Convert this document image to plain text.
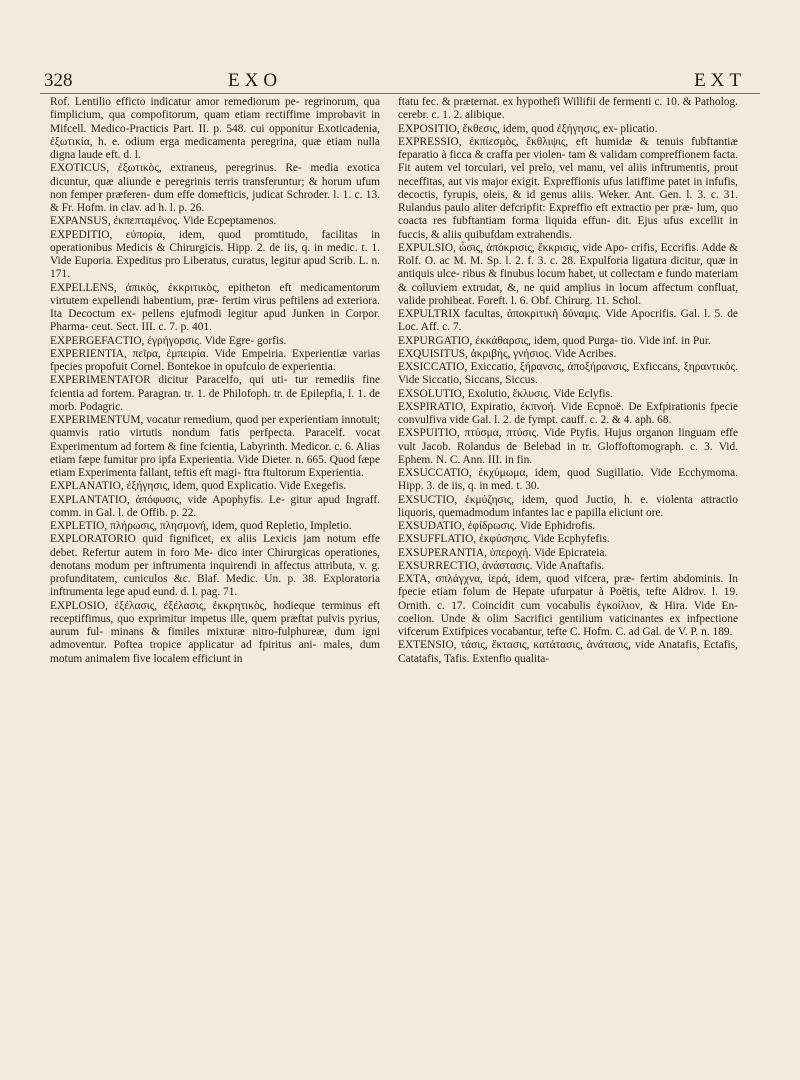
328	EXO	EXT

Rof. Lentilio efficto indicatur amor remediorum pe- regrinorum, qua fimplicium, qua compofitorum, quam etiam rectiffime improbavit in Mifcell. Medico-Practicis Part. II. p. 548. cui opponitur Exoticadenia, ἐξωτικία, h. e. odium erga medicamenta peregrina, quæ etiam nulla digna laude eft. d. l.

EXOTICUS, ἐξωτικὸς, extraneus, peregrinus. Re- media exotica dicuntur, quæ aliunde e peregrinis terris transferuntur; & horum ufum non femper præferen- dum effe domefticis, judicat Schroder. l. 1. c. 13. & Fr. Hofm. in clav. ad h. l. p. 26.

EXPANSUS, ἐκπεπταμένος. Vide Ecpeptamenos.

EXPEDITIO, εὐπορία, idem, quod promtitudo, facilitas in operationibus Medicis & Chirurgicis. Hipp. 2. de iis, q. in medic. t. 1. Vide Euporia. Expeditus pro Liberatus, curatus, legitur apud Scrib. L. n. 171.

EXPELLENS, ἀπικὸς, ἐκκριτικὸς, epitheton eft medicamentorum virtutem expellendi habentium, præ- fertim virus peftilens ad exteriora. Ita Decoctum ex- pellens ejufmodi legitur apud Junken in Corpor. Pharma- ceut. Sect. III. c. 7. p. 401.

EXPERGEFACTIO, ἐγρήγορσις. Vide Egre- gorfis.

EXPERIENTIA, πεῖρα, ἐμπειρία. Vide Empeiria. Experientiæ varias fpecies propofuit Cornel. Bontekoe in opufculo de experientia.

EXPERIMENTATOR dicitur Paracelfo, qui uti- tur remediis fine fcientia ad fortem. Paragran. tr. 1. de Philofoph. tr. de Epilepfia, l. 1. de morb. Podagric.

EXPERIMENTUM, vocatur remedium, quod per experientiam innotuit; quamvis ratio virtutis nondum fatis perfpecta. Paracelf. vocat Experimentum ad fortem & fine fcientia, Labyrinth. Medicor. c. 6. Alias etiam fæpe fumitur pro ipfa Experientia. Vide Dieter. n. 665. Quod fæpe etiam Experimenta fallant, teftis eft magi- ftra ftultorum Experientia.

EXPLANATIO, ἐξήγησις, idem, quod Explicatio. Vide Exegefis.

EXPLANTATIO, ἀπόφυσις, vide Apophyfis. Le- gitur apud Ingraff. comm. in Gal. l. de Offib. p. 22.

EXPLETIO, πλήρωσις, πλησμονή, idem, quod Repletio, Impletio.

EXPLORATORIO quid fignificet, ex aliis Lexicis jam notum effe debet. Refertur autem in foro Me- dico inter Chirurgicas operationes, denotans modum per inftrumenta inquirendi in affectus attributa, v. g. profunditatem, cuniculos &c. Blaf. Medic. Un. p. 38. Exploratoria inftrumenta lege apud eund. d. l. pag. 71.

EXPLOSIO, ἐξέλασις, ἐξέλασις, ἐκκρητικὸς, hodieque terminus eft receptiffimus, quo exprimitur impetus ille, quem præftat pulvis pyrius, aurum ful- minans & fimiles mixturæ nitro-fulphureæ, dum igni admoventur. Poftea tropice applicatur ad fpiritus ani- males, dum motum animalem five localem efficiunt in

ftatu fec. & præternat. ex hypothefi Willifii de fermenti c. 10. & Patholog. cerebr. c. 1. 2. alibique.

EXPOSITIO, ἔκθεσις, idem, quod ἐξήγησις, ex- plicatio.

EXPRESSIO, ἐκπίεσμὸς, ἔκθλιψις, eft humidæ & tenuis fubftantiæ feparatio à ficca & craffa per violen- tam & validam compreffionem facta. Fit autem vel torculari, vel prelo, vel manu, vel aliis inftrumentis, prout neceffitas, aut vis major exigit. Expreffionis ufus latiffime patet in infufis, decoctis, fyrupis, oleis, & id genus aliis. Weker. Ant. Gen. l. 3. c. 31. Rulandus paulo aliter defcripfit: Expreffio eft extractio per præ- lum, quo coacta res fubftantiam forma liquida effun- dit. Ejus ufus excellit in fuccis, & aliis quibufdam extrahendis.

EXPULSIO, ὦσις, ἀπόκρισις, ἔκκρισις, vide Apo- crifis, Eccrifis. Adde & Rolf. O. ac M. M. Sp. l. 2. f. 3. c. 28. Expulforia ligatura dicitur, quæ in antiquis ulce- ribus & finubus locum habet, ut collectam e fundo materiam & colluviem extrudat, &, ne quid amplius in locum affectum confluat, valide prohibeat. Foreft. l. 6. Obf. Chirurg. 11. Schol.

EXPULTRIX facultas, ἀποκριτικὴ δύναμις. Vide Apocrifis. Gal. l. 5. de Loc. Aff. c. 7.

EXPURGATIO, ἐκκάθαρσις, idem, quod Purga- tio. Vide inf. in Pur.

EXQUISITUS, ἀκριβὴς, γνήσιος. Vide Acribes.

EXSICCATIO, Exiccatio, ξήρανσις, ἀποξήρανσις, Exficcans, ξηραντικὸς. Vide Siccatio, Siccans, Siccus.

EXSOLUTIO, Exolutio, ἔκλυσις. Vide Eclyfis.

EXSPIRATIO, Expiratio, ἐκπνοή. Vide Ecpnoë. De Exfpirationis fpecie convulfiva vide Gal. l. 2. de fympt. cauff. c. 2. & 4. aph. 68.

EXSPUITIO, πτύσμα, πτύσις. Vide Ptyfis. Hujus organon linguam effe vult Jacob. Rolandus de Belebad in tr. Gloffoftomograph. c. 3. Vid. Ephem. N. C. Ann. III. in fin.

EXSUCCATIO, ἐκχύμωμα, idem, quod Sugillatio. Vide Ecchymoma. Hipp. 3. de iis, q. in med. t. 30.

EXSUCTIO, ἐκμύζησις, idem, quod Juctio, h. e. violenta attractio liquoris, quemadmodum infantes lac e papilla eliciunt ore.

EXSUDATIO, ἐφίδρωσις. Vide Ephidrofis.

EXSUFFLATIO, ἐκφύσησις. Vide Ecphyfefis.

EXSUPERANTIA, ὑπεροχή. Vide Epicrateia.

EXSURRECTIO, ἀνάστασις. Vide Anaftafis.

EXTA, σπλάγχνα, ἱερά, idem, quod vifcera, præ- fertim abdominis. In fpecie etiam folum de Hepate ufurpatur à Poëtis, tefte Aldrov. l. 19. Ornith. c. 17. Coincidit cum vocabulis ἐγκοίλιον, & Hira. Vide En- coelion. Unde & olim Sacrifici gentilium vaticinantes ex infpectione vifcerum Extifpices vocabantur, tefte C. Hofm. C. ad Gal. de V. P. n. 189.

EXTENSIO, τάσις, ἔκτασις, κατάτασις, ἀνάτασις, vide Anatafis, Ectafis, Catatafis, Tafis. Extenfio qualita-
